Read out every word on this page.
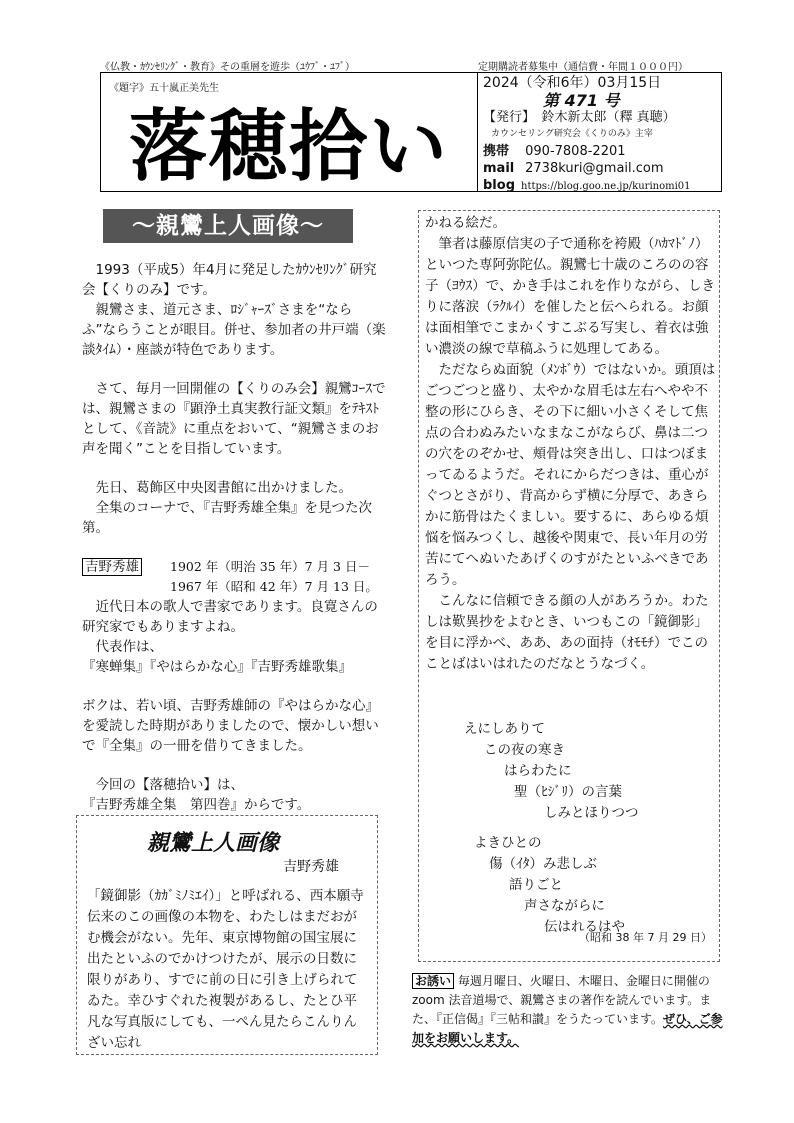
《仏教・ｶｳﾝｾﾘﾝｸﾞ・教育》その重層を遊歩（ﾕｳﾌﾞ・ﾕﾌﾞ）	定期購読者募集中（通信費・年間１０００円）
《題字》五十嵐正美先生
落穂拾い
2024（令和6年）03月15日
第 471 号
【発行】　鈴木新太郎（釋 真聴）
カウンセリング研究会《くりのみ》主宰
携帯 090-7808-2201
mail 2738kuri@gmail.com
blog https://blog.goo.ne.jp/kurinomi01
～親鸞上人画像～

1993（平成5）年4月に発足したｶｳﾝｾﾘﾝｸﾞ研究会【くりのみ】です。

親鸞さま、道元さま、ﾛｼﾞｬｰｽﾞさまを“ならふ”ならうことが眼目。併せ、参加者の井戸端（楽談ﾀｲﾑ）・座談が特色であります。

さて、毎月一回開催の【くりのみ会】親鸞ｺｰｽでは、親鸞さまの『顕浄土真実教行証文類』をﾃｷｽﾄとして、《音読》に重点をおいて、“親鸞さまのお声を聞く”ことを目指しています。

先日、葛飾区中央図書館に出かけました。

全集のコーナで、『吉野秀雄全集』を見つた次第。

吉野秀雄	1902 年（明治 35 年）7 月 3 日－
1967 年（昭和 42 年）7 月 13 日。

近代日本の歌人で書家であります。良寛さんの研究家でもありますよね。

代表作は、

『寒蝉集』『やはらかな心』『吉野秀雄歌集』

ボクは、若い頃、吉野秀雄師の『やはらかな心』を愛読した時期がありましたので、懐かしい想いで『全集』の一冊を借りてきました。

今回の【落穂拾い】は、

『吉野秀雄全集　第四巻』からです。

親鸞上人画像
吉野秀雄

「鏡御影（ｶｶﾞﾐﾉﾐｴｲ）」と呼ばれる、西本願寺伝来のこの画像の本物を、わたしはまだおがむ機会がない。先年、東京博物館の国宝展に出たといふのでかけつけたが、展示の日数に限りがあり、すでに前の日に引き上げられてゐた。幸ひすぐれた複製があるし、たとひ平凡な写真版にしても、一ぺん見たらこんりんざい忘れ

かねる絵だ。

筆者は藤原信実の子で通称を袴殿（ﾊｶﾏﾄﾞﾉ）といつた専阿弥陀仏。親鸞七十歳のころのの容子（ﾖｳｽ）で、かき手はこれを作りながら、しきりに落涙（ﾗｸﾙｲ）を催したと伝へられる。お顔は面相筆でこまかくすこぶる写実し、着衣は強い濃淡の線で草稿ふうに処理してある。

ただならぬ面貌（ﾒﾝﾎﾞｳ）ではないか。頭頂はごつごつと盛り、太やかな眉毛は左右へやや不整の形にひらき、その下に細い小さくそして焦点の合わぬみたいなまなこがならび、鼻は二つの穴をのぞかせ、頬骨は突き出し、口はつぼまってゐるようだ。それにからだつきは、重心がぐつとさがり、背高からず横に分厚で、あきらかに筋骨はたくましい。要するに、あらゆる煩悩を悩みつくし、越後や関東で、長い年月の労苦にてへぬいたあげくのすがたといふべきであろう。

こんなに信頼できる顔の人があろうか。わたしは歎異抄をよむとき、いつもこの「鏡御影」を目に浮かべ、ああ、あの面持（ｵﾓﾓﾁ）でこのことばはいはれたのだなとうなづく。

えにしありて

この夜の寒き

はらわたに

聖（ﾋｼﾞﾘ）の言葉

しみとほりつつ

よきひとの

傷（ｲﾀ）み悲しぶ

語りごと

声さながらに

伝はれるはや

（昭和 38 年 7 月 29 日）
お誘い 毎週月曜日、火曜日、木曜日、金曜日に開催の zoom 法音道場で、親鸞さまの著作を読んでいます。また、『正信偈』『三帖和讃』をうたっています。ぜひ、ご参加をお願いします。
